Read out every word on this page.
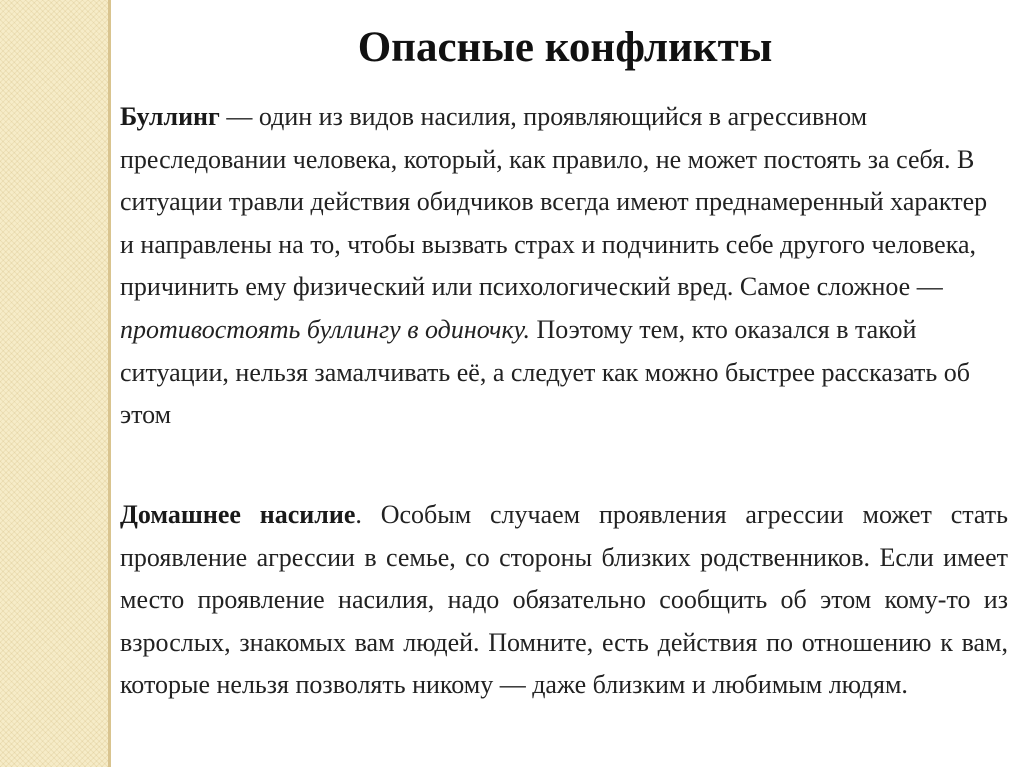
Опасные конфликты

Буллинг — один из видов насилия, проявляющийся в агрессивном преследовании человека, который, как правило, не может постоять за себя. В ситуации травли действия обидчиков всегда имеют преднамеренный характер и направлены на то, чтобы вызвать страх и подчинить себе другого человека, причинить ему физический или психологический вред. Самое сложное — противостоять буллингу в одиночку. Поэтому тем, кто оказался в такой ситуации, нельзя замалчивать её, а следует как можно быстрее рассказать об этом

Домашнее насилие. Особым случаем проявления агрессии может стать проявление агрессии в семье, со стороны близких родственников. Если имеет место проявление насилия, надо обязательно сообщить об этом кому-то из взрослых, знакомых вам людей. Помните, есть действия по отношению к вам, которые нельзя позволять никому — даже близким и любимым людям.
